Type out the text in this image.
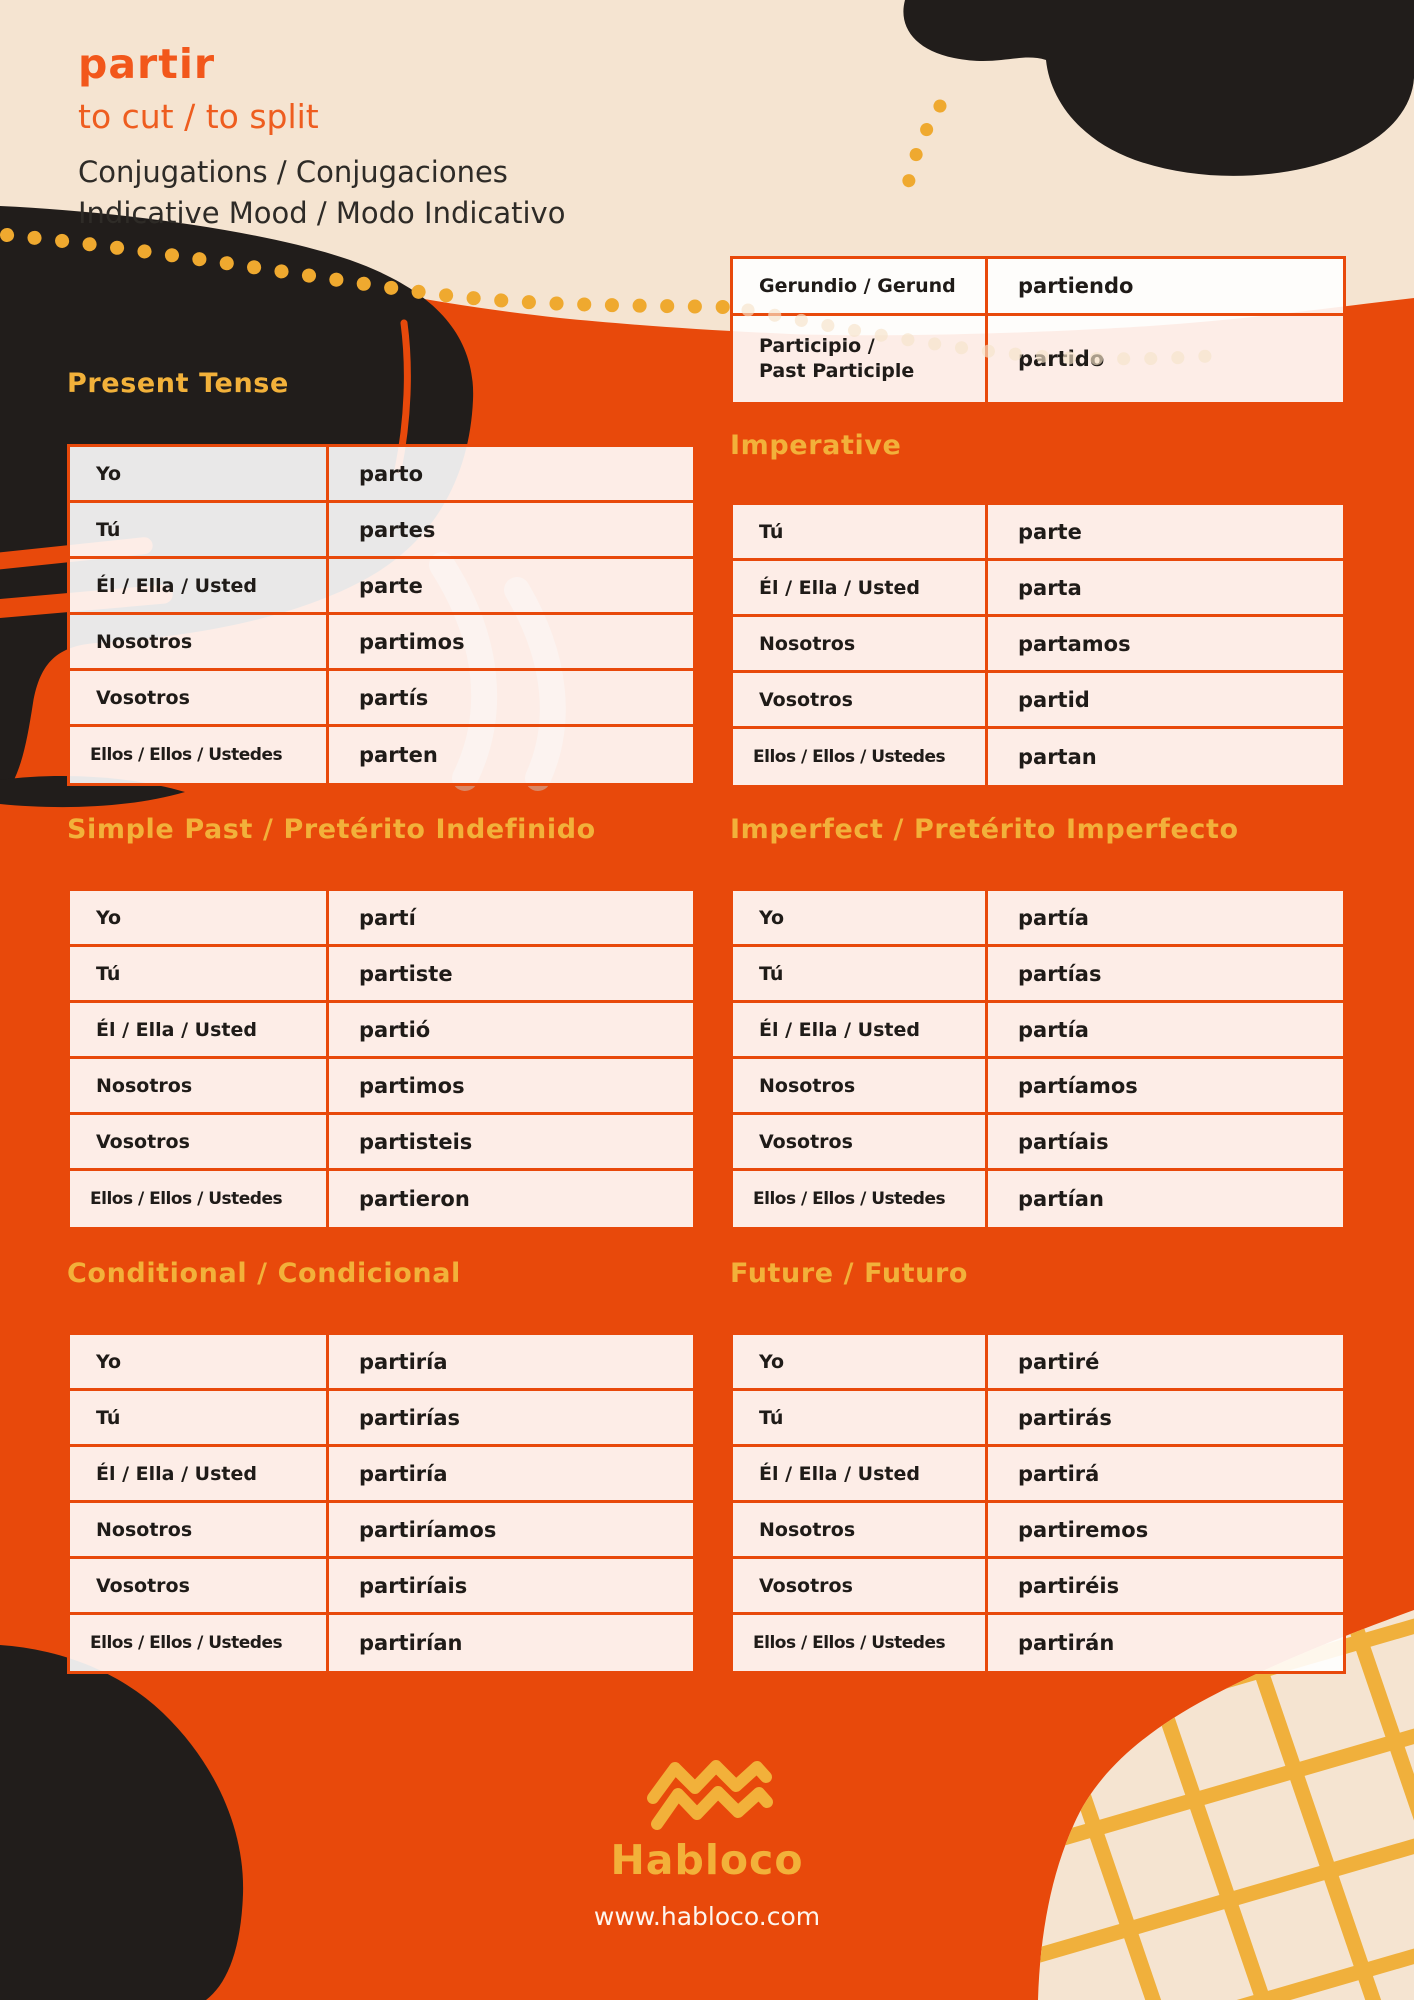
partir
to cut / to split
Conjugations / Conjugaciones
Indicative Mood / Modo Indicativo
Gerundio / Gerund	partiendo
Participio /
Past Participle	partido
Present Tense
Imperative
Simple Past / Pretérito Indefinido	Imperfect / Pretérito Imperfecto
Conditional / Condicional	Future / Futuro
Yo	parto
Tú	partes
Él / Ella / Usted	parte
Nosotros	partimos
Vosotros	partís
Ellos / Ellos / Ustedes	parten
Tú	parte
Él / Ella / Usted	parta
Nosotros	partamos
Vosotros	partid
Ellos / Ellos / Ustedes	partan
Yo	partí
Tú	partiste
Él / Ella / Usted	partió
Nosotros	partimos
Vosotros	partisteis
Ellos / Ellos / Ustedes	partieron
Yo	partía
Tú	partías
Él / Ella / Usted	partía
Nosotros	partíamos
Vosotros	partíais
Ellos / Ellos / Ustedes	partían
Yo	partiría
Tú	partirías
Él / Ella / Usted	partiría
Nosotros	partiríamos
Vosotros	partiríais
Ellos / Ellos / Ustedes	partirían
Yo	partiré
Tú	partirás
Él / Ella / Usted	partirá
Nosotros	partiremos
Vosotros	partiréis
Ellos / Ellos / Ustedes	partirán
Habloco
www.habloco.com
